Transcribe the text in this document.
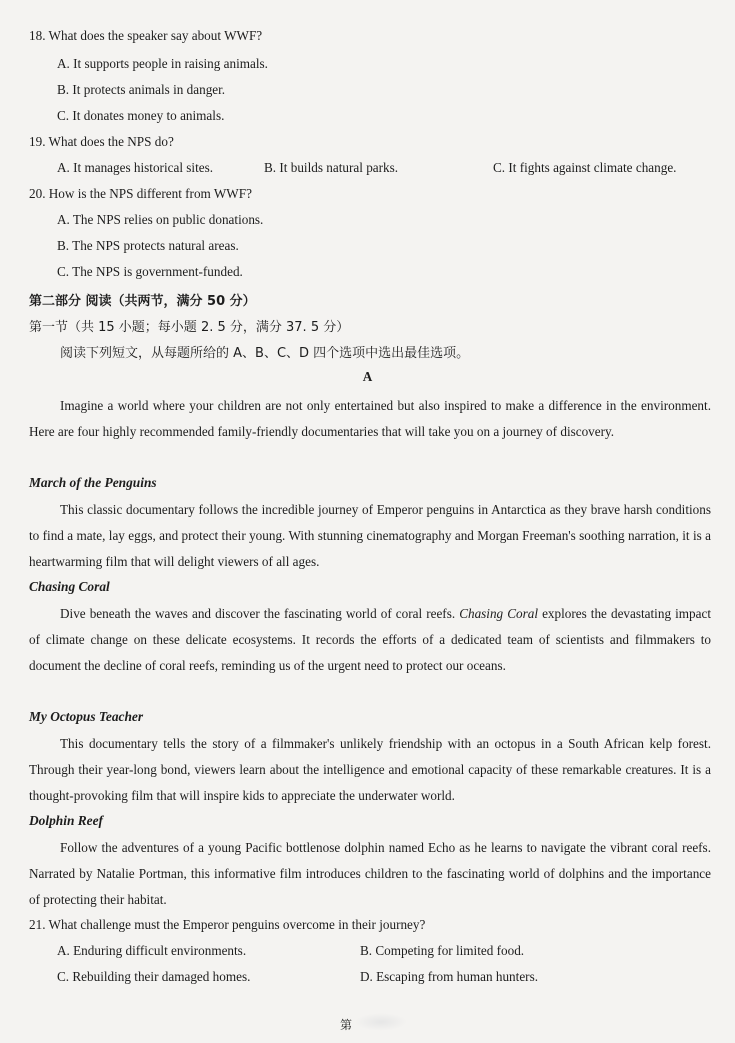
18. What does the speaker say about WWF?
A. It supports people in raising animals.
B. It protects animals in danger.
C. It donates money to animals.
19. What does the NPS do?
A. It manages historical sites.	B. It builds natural parks.	C. It fights against climate change.
20. How is the NPS different from WWF?
A. The NPS relies on public donations.
B. The NPS protects natural areas.
C. The NPS is government-funded.
第二部分 阅读（共两节，满分 50 分）
第一节（共 15 小题；每小题 2. 5 分，满分 37. 5 分）
阅读下列短文，从每题所给的 A、B、C、D 四个选项中选出最佳选项。
A

Imagine a world where your children are not only entertained but also inspired to make a difference in the environment. Here are four highly recommended family-friendly documentaries that will take you on a journey of discovery.

March of the Penguins

This classic documentary follows the incredible journey of Emperor penguins in Antarctica as they brave harsh conditions to find a mate, lay eggs, and protect their young. With stunning cinematography and Morgan Freeman's soothing narration, it is a heartwarming film that will delight viewers of all ages.

Chasing Coral

Dive beneath the waves and discover the fascinating world of coral reefs. Chasing Coral explores the devastating impact of climate change on these delicate ecosystems. It records the efforts of a dedicated team of scientists and filmmakers to document the decline of coral reefs, reminding us of the urgent need to protect our oceans.

My Octopus Teacher

This documentary tells the story of a filmmaker's unlikely friendship with an octopus in a South African kelp forest. Through their year-long bond, viewers learn about the intelligence and emotional capacity of these remarkable creatures. It is a thought-provoking film that will inspire kids to appreciate the underwater world.

Dolphin Reef

Follow the adventures of a young Pacific bottlenose dolphin named Echo as he learns to navigate the vibrant coral reefs. Narrated by Natalie Portman, this informative film introduces children to the fascinating world of dolphins and the importance of protecting their habitat.

21. What challenge must the Emperor penguins overcome in their journey?
A. Enduring difficult environments.	B. Competing for limited food.
C. Rebuilding their damaged homes.	D. Escaping from human hunters.
第
